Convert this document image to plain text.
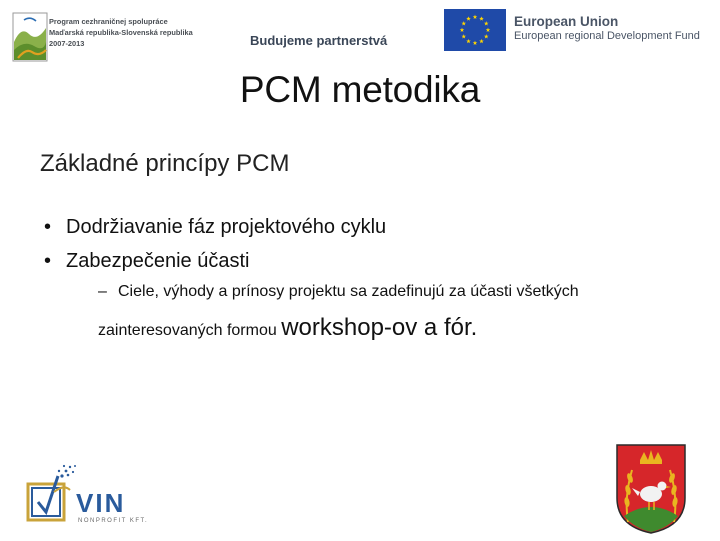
Program cezhraničnej spolupráce
Maďarská republika-Slovenská republika
2007-2013	Budujeme partnerstvá
European Union
European regional Development Fund
PCM metodika
Základné princípy PCM
• Dodržiavanie fáz projektového cyklu
• Zabezpečenie účasti
– Ciele, výhody a prínosy projektu sa zadefinujú za účasti všetkých
zainteresovaných formou workshop-ov a fór.
VIN
NONPROFIT KFT.
